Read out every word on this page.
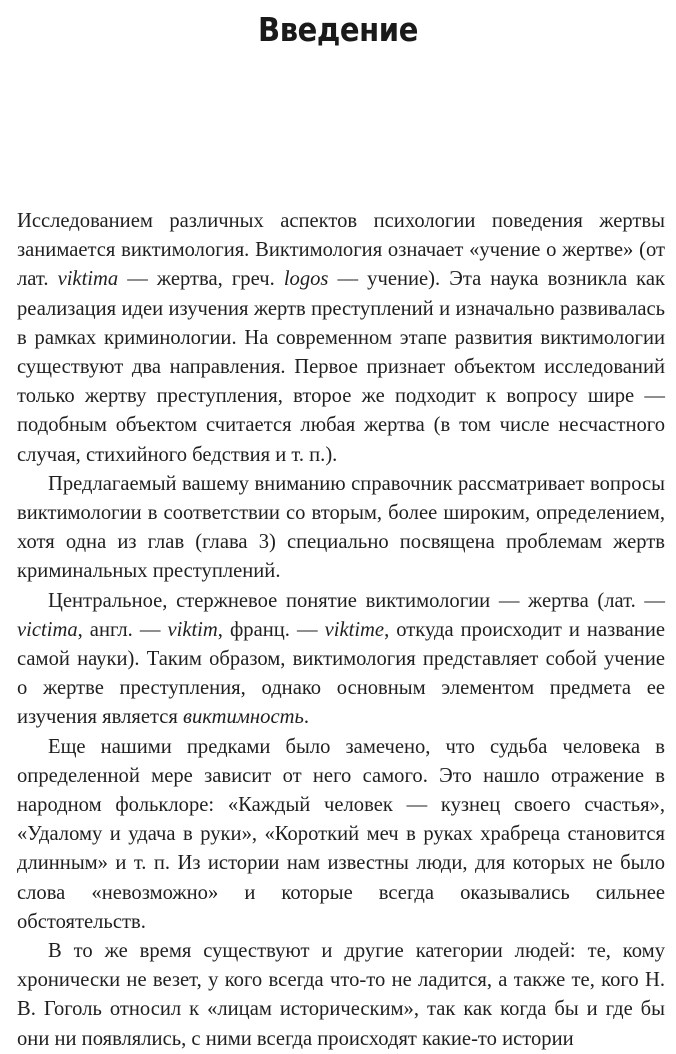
Введение

Исследованием различных аспектов психологии поведения жертвы занимается виктимология. Виктимология означает «учение о жертве» (от лат. viktima — жертва, греч. logos — учение). Эта наука возникла как реализация идеи изучения жертв преступлений и изначально развивалась в рамках криминологии. На современном этапе развития виктимологии существуют два направления. Первое признает объектом исследований только жертву преступления, второе же подходит к вопросу шире — подобным объектом считается любая жертва (в том числе несчастного случая, стихийного бедствия и т. п.).

Предлагаемый вашему вниманию справочник рассматривает вопросы виктимологии в соответствии со вторым, более широким, определением, хотя одна из глав (глава 3) специально посвящена проблемам жертв криминальных преступлений.

Центральное, стержневое понятие виктимологии — жертва (лат. — victima, англ. — viktim, франц. — viktime, откуда происходит и название самой науки). Таким образом, виктимология представляет собой учение о жертве преступления, однако основным элементом предмета ее изучения является виктимность.

Еще нашими предками было замечено, что судьба человека в определенной мере зависит от него самого. Это нашло отражение в народном фольклоре: «Каждый человек — кузнец своего счастья», «Удалому и удача в руки», «Короткий меч в руках храбреца становится длинным» и т. п. Из истории нам известны люди, для которых не было слова «невозможно» и которые всегда оказывались сильнее обстоятельств.

В то же время существуют и другие категории людей: те, кому хронически не везет, у кого всегда что-то не ладится, а также те, кого Н. В. Гоголь относил к «лицам историческим», так как когда бы и где бы они ни появлялись, с ними всегда происходят какие-то истории
